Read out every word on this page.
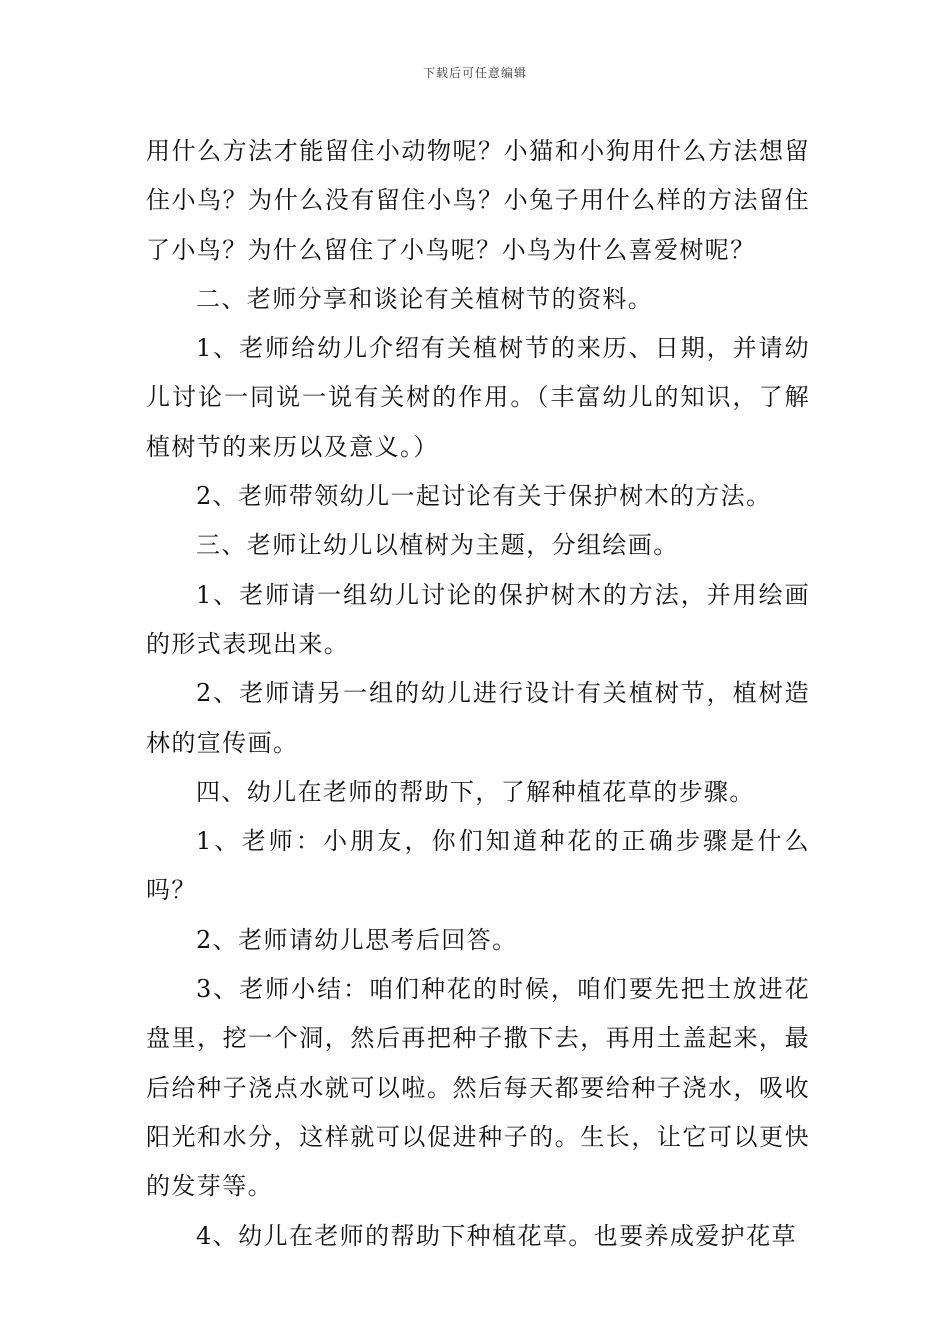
下载后可任意编辑

用什么方法才能留住小动物呢？小猫和小狗用什么方法想留住小鸟？为什么没有留住小鸟？小兔子用什么样的方法留住了小鸟？为什么留住了小鸟呢？小鸟为什么喜爱树呢？

二、老师分享和谈论有关植树节的资料。

1、老师给幼儿介绍有关植树节的来历、日期，并请幼儿讨论一同说一说有关树的作用。（丰富幼儿的知识，了解植树节的来历以及意义。）

2、老师带领幼儿一起讨论有关于保护树木的方法。

三、老师让幼儿以植树为主题，分组绘画。

1、老师请一组幼儿讨论的保护树木的方法，并用绘画的形式表现出来。

2、老师请另一组的幼儿进行设计有关植树节，植树造林的宣传画。

四、幼儿在老师的帮助下，了解种植花草的步骤。

1、老师：小朋友，你们知道种花的正确步骤是什么吗？

2、老师请幼儿思考后回答。

3、老师小结：咱们种花的时候，咱们要先把土放进花盘里，挖一个洞，然后再把种子撒下去，再用土盖起来，最后给种子浇点水就可以啦。然后每天都要给种子浇水，吸收阳光和水分，这样就可以促进种子的。生长，让它可以更快的发芽等。

4、幼儿在老师的帮助下种植花草。也要养成爱护花草
